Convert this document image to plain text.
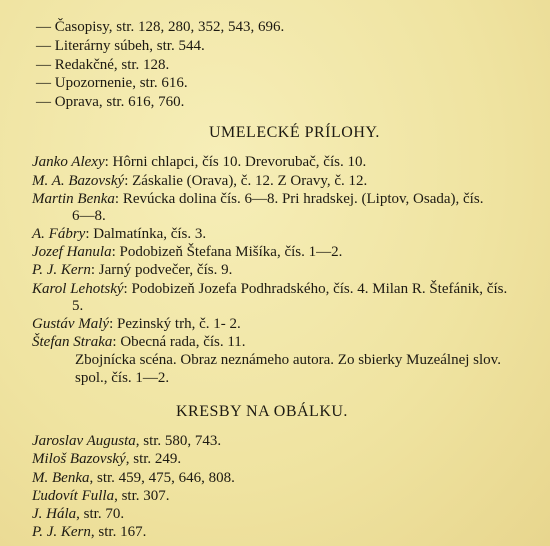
— Časopisy, str. 128, 280, 352, 543, 696.
— Literárny súbeh, str. 544.
— Redakčné, str. 128.
— Upozornenie, str. 616.
— Oprava, str. 616, 760.
UMELECKÉ PRÍLOHY.
Janko Alexy: Hôrni chlapci, čís 10. Drevorubač, čís. 10.
M. A. Bazovský: Záskalie (Orava), č. 12. Z Oravy, č. 12.
Martin Benka: Revúcka dolina čís. 6—8. Pri hradskej. (Liptov, Osada), čís.
6—8.
A. Fábry: Dalmatínka, čís. 3.
Jozef Hanula: Podobizeň Štefana Mišíka, čís. 1—2.
P. J. Kern: Jarný podvečer, čís. 9.
Karol Lehotský: Podobizeň Jozefa Podhradského, čís. 4. Milan R. Štefánik, čís.
5.
Gustáv Malý: Pezinský trh, č. 1- 2.
Štefan Straka: Obecná rada, čís. 11.
Zbojnícka scéna. Obraz neznámeho autora. Zo sbierky Muzeálnej slov.
spol., čís. 1—2.
KRESBY NA OBÁLKU.
Jaroslav Augusta, str. 580, 743.
Miloš Bazovský, str. 249.
M. Benka, str. 459, 475, 646, 808.
Ľudovít Fulla, str. 307.
J. Hála, str. 70.
P. J. Kern, str. 167.
